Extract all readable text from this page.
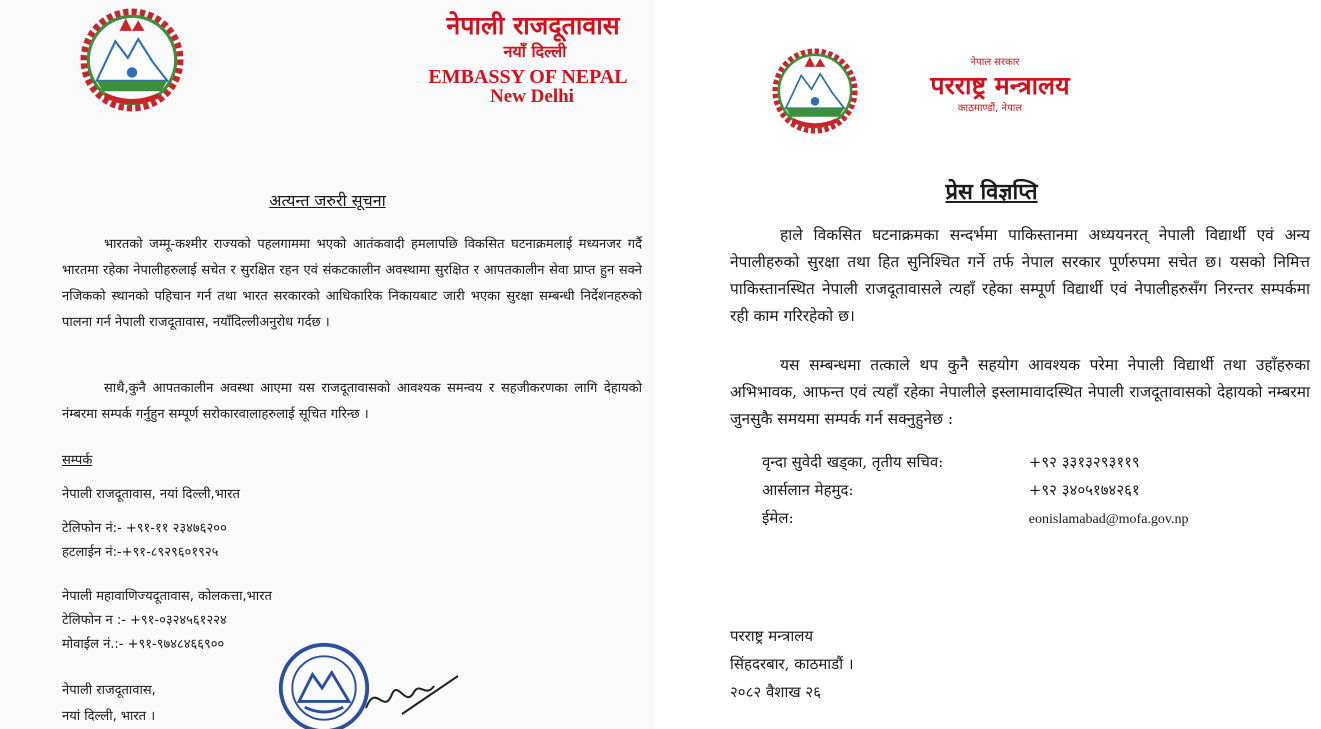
नेपाली राजदूतावास
नयाँ दिल्ली
EMBASSY OF NEPAL
New Delhi
अत्यन्त जरुरी सूचना

भारतको जम्मू-कश्मीर राज्यको पहलगाममा भएको आतंकवादी हमलापछि विकसित घटनाक्रमलाई मध्यनजर गर्दै भारतमा रहेका नेपालीहरुलाई सचेत र सुरक्षित रहन एवं संकटकालीन अवस्थामा सुरक्षित र आपतकालीन सेवा प्राप्त हुन सक्ने नजिकको स्थानको पहिचान गर्न तथा भारत सरकारको आधिकारिक निकायबाट जारी भएका सुरक्षा सम्बन्धी निर्देशनहरुको पालना गर्न नेपाली राजदूतावास, नयाँदिल्लीअनुरोध गर्दछ ।

साथै,कुनै आपतकालीन अवस्था आएमा यस राजदूतावासको आवश्यक समन्वय र सहजीकरणका लागि देहायको नंम्बरमा सम्पर्क गर्नुहुन सम्पूर्ण सरोकारवालाहरुलाई सूचित गरिन्छ ।

सम्पर्क
नेपाली राजदूतावास, नयां दिल्ली,भारत
टेलिफोन नं:- +९१-११ २३४७६२००
हटलाईन नं:-+९१-८९२९६०१९२५
नेपाली महावाणिज्यदूतावास, कोलकत्ता,भारत
टेलिफोन न :- +९१-०३२४५६१२२४
मोवाईल नं.:- +९१-९७४८४६६९००
नेपाली राजदूतावास,
नयां दिल्ली, भारत ।
नेपाल सरकार
परराष्ट्र मन्त्रालय
काठमाण्डौं, नेपाल
प्रेस विज्ञप्ति

हाले विकसित घटनाक्रमका सन्दर्भमा पाकिस्तानमा अध्ययनरत् नेपाली विद्यार्थी एवं अन्य नेपालीहरुको सुरक्षा तथा हित सुनिश्चित गर्ने तर्फ नेपाल सरकार पूर्णरुपमा सचेत छ। यसको निमित्त पाकिस्तानस्थित नेपाली राजदूतावासले त्यहाँ रहेका सम्पूर्ण विद्यार्थी एवं नेपालीहरुसँग निरन्तर सम्पर्कमा रही काम गरिरहेको छ।

यस सम्बन्धमा तत्काले थप कुनै सहयोग आवश्यक परेमा नेपाली विद्यार्थी तथा उहाँहरुका अभिभावक, आफन्त एवं त्यहाँ रहेका नेपालीले इस्लामावादस्थित नेपाली राजदूतावासको देहायको नम्बरमा जुनसुकै समयमा सम्पर्क गर्न सक्नुहुनेछ :

वृन्दा सुवेदी खड्का, तृतीय सचिव:	+९२ ३३१३२९३११९
आर्सलान मेहमुद:	+९२ ३४०५१७४२६१
ईमेल:	eonislamabad@mofa.gov.np
परराष्ट्र मन्त्रालय
सिंहदरबार, काठमाडौं ।
२०८२ वैशाख २६
